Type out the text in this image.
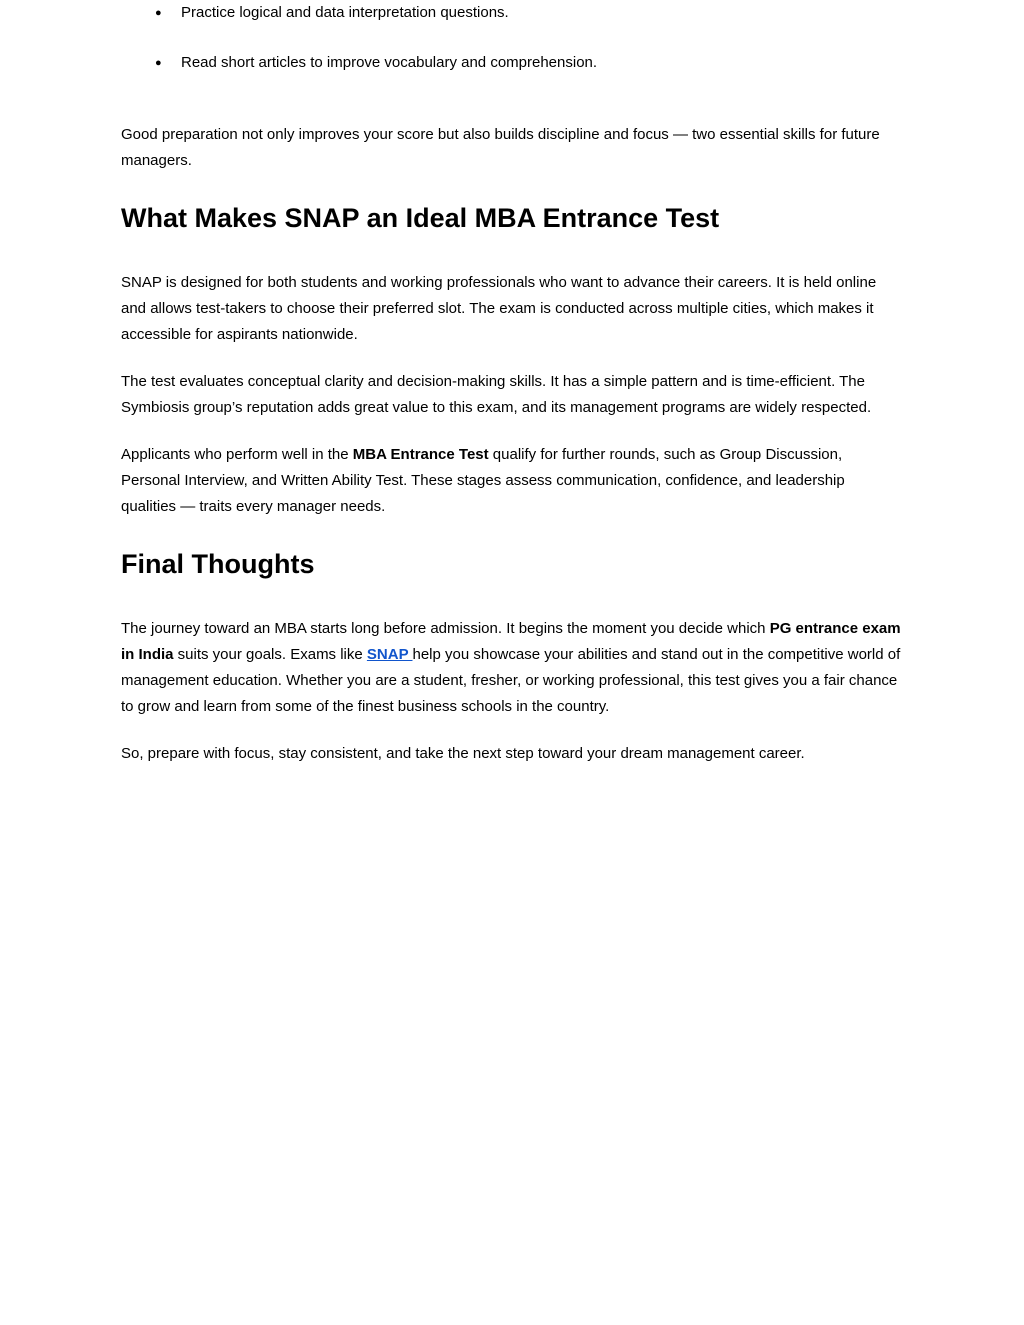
● Practice logical and data interpretation questions.
● Read short articles to improve vocabulary and comprehension.

Good preparation not only improves your score but also builds discipline and focus — two essential skills for future managers.

What Makes SNAP an Ideal MBA Entrance Test

SNAP is designed for both students and working professionals who want to advance their careers. It is held online and allows test-takers to choose their preferred slot. The exam is conducted across multiple cities, which makes it accessible for aspirants nationwide.

The test evaluates conceptual clarity and decision-making skills. It has a simple pattern and is time-efficient. The Symbiosis group’s reputation adds great value to this exam, and its management programs are widely respected.

Applicants who perform well in the MBA Entrance Test qualify for further rounds, such as Group Discussion, Personal Interview, and Written Ability Test. These stages assess communication, confidence, and leadership qualities — traits every manager needs.

Final Thoughts

The journey toward an MBA starts long before admission. It begins the moment you decide which PG entrance exam in India suits your goals. Exams like SNAP help you showcase your abilities and stand out in the competitive world of management education. Whether you are a student, fresher, or working professional, this test gives you a fair chance to grow and learn from some of the finest business schools in the country.

So, prepare with focus, stay consistent, and take the next step toward your dream management career.
